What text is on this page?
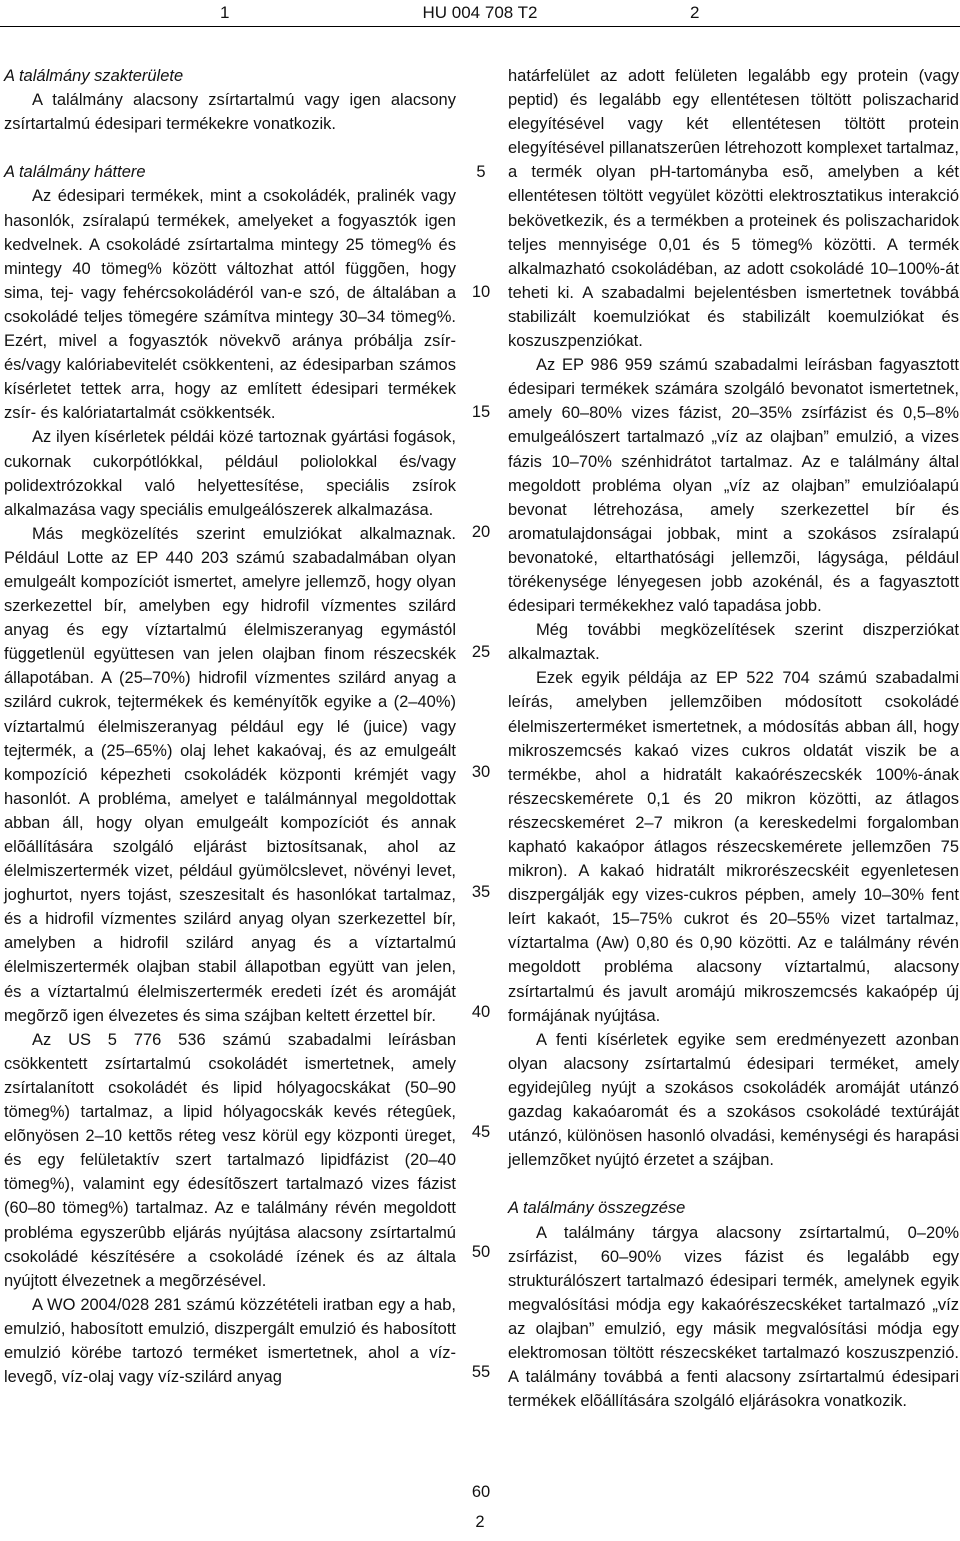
1	HU 004 708 T2	2
A találmány szakterülete

A találmány alacsony zsírtartalmú vagy igen alacsony zsírtartalmú édesipari termékekre vonatkozik.

A találmány háttere

Az édesipari termékek, mint a csokoládék, pralinék vagy hasonlók, zsíralapú termékek, amelyeket a fogyasztók igen kedvelnek. A csokoládé zsírtartalma mintegy 25 tömeg% és mintegy 40 tömeg% között változhat attól függõen, hogy sima, tej- vagy fehércsokoládéról van-e szó, de általában a csokoládé teljes tömegére számítva mintegy 30–34 tömeg%. Ezért, mivel a fogyasztók növekvõ aránya próbálja zsír- és/vagy kalóriabevitelét csökkenteni, az édesiparban számos kísérletet tettek arra, hogy az említett édesipari termékek zsír- és kalóriatartalmát csökkentsék.

Az ilyen kísérletek példái közé tartoznak gyártási fogások, cukornak cukorpótlókkal, például poliolokkal és/vagy polidextrózokkal való helyettesítése, speciális zsírok alkalmazása vagy speciális emulgeálószerek alkalmazása.

Más megközelítés szerint emulziókat alkalmaznak. Például Lotte az EP 440 203 számú szabadalmában olyan emulgeált kompozíciót ismertet, amelyre jellemzõ, hogy olyan szerkezettel bír, amelyben egy hidrofil vízmentes szilárd anyag és egy víztartalmú élelmiszeranyag egymástól függetlenül együttesen van jelen olajban finom részecskék állapotában. A (25–70%) hidrofil vízmentes szilárd anyag a szilárd cukrok, tejtermékek és keményítõk egyike a (2–40%) víztartalmú élelmiszeranyag például egy lé (juice) vagy tejtermék, a (25–65%) olaj lehet kakaóvaj, és az emulgeált kompozíció képezheti csokoládék központi krémjét vagy hasonlót. A probléma, amelyet e találmánnyal megoldottak abban áll, hogy olyan emulgeált kompozíciót és annak elõállítására szolgáló eljárást biztosítsanak, ahol az élelmiszertermék vizet, például gyümölcslevet, növényi levet, joghurtot, nyers tojást, szeszesitalt és hasonlókat tartalmaz, és a hidrofil vízmentes szilárd anyag olyan szerkezettel bír, amelyben a hidrofil szilárd anyag és a víztartalmú élelmiszertermék olajban stabil állapotban együtt van jelen, és a víztartalmú élelmiszertermék eredeti ízét és aromáját megõrzõ igen élvezetes és sima szájban keltett érzettel bír.

Az US 5 776 536 számú szabadalmi leírásban csökkentett zsírtartalmú csokoládét ismertetnek, amely zsírtalanított csokoládét és lipid hólyagocskákat (50–90 tömeg%) tartalmaz, a lipid hólyagocskák kevés rétegûek, elõnyösen 2–10 kettõs réteg vesz körül egy központi üreget, és egy felületaktív szert tartalmazó lipidfázist (20–40 tömeg%), valamint egy édesítõszert tartalmazó vizes fázist (60–80 tömeg%) tartalmaz. Az e találmány révén megoldott probléma egyszerûbb eljárás nyújtása alacsony zsírtartalmú csokoládé készítésére a csokoládé ízének és az általa nyújtott élvezetnek a megõrzésével.

A WO 2004/028 281 számú közzétételi iratban egy a hab, emulzió, habosított emulzió, diszpergált emulzió és habosított emulzió körébe tartozó terméket ismertetnek, ahol a víz-levegõ, víz-olaj vagy víz-szilárd anyag

5
10
15
20
25
30
35
40
45
50
55
60

határfelület az adott felületen legalább egy protein (vagy peptid) és legalább egy ellentétesen töltött poliszacharid elegyítésével vagy két ellentétesen töltött protein elegyítésével pillanatszerûen létrehozott komplexet tartalmaz, a termék olyan pH-tartományba esõ, amelyben a két ellentétesen töltött vegyület közötti elektrosztatikus interakció bekövetkezik, és a termékben a proteinek és poliszacharidok teljes mennyisége 0,01 és 5 tömeg% közötti. A termék alkalmazható csokoládéban, az adott csokoládé 10–100%-át teheti ki. A szabadalmi bejelentésben ismertetnek továbbá stabilizált koemulziókat és stabilizált koemulziókat és koszuszpenziókat.

Az EP 986 959 számú szabadalmi leírásban fagyasztott édesipari termékek számára szolgáló bevonatot ismertetnek, amely 60–80% vizes fázist, 20–35% zsírfázist és 0,5–8% emulgeálószert tartalmazó „víz az olajban” emulzió, a vizes fázis 10–70% szénhidrátot tartalmaz. Az e találmány által megoldott probléma olyan „víz az olajban” emulzióalapú bevonat létrehozása, amely szerkezettel bír és aromatulajdonságai jobbak, mint a szokásos zsíralapú bevonatoké, eltarthatósági jellemzõi, lágysága, például törékenysége lényegesen jobb azokénál, és a fagyasztott édesipari termékekhez való tapadása jobb.

Még további megközelítések szerint diszperziókat alkalmaztak.

Ezek egyik példája az EP 522 704 számú szabadalmi leírás, amelyben jellemzõiben módosított csokoládé élelmiszerterméket ismertetnek, a módosítás abban áll, hogy mikroszemcsés kakaó vizes cukros oldatát viszik be a termékbe, ahol a hidratált kakaórészecskék 100%-ának részecskemérete 0,1 és 20 mikron közötti, az átlagos részecskeméret 2–7 mikron (a kereskedelmi forgalomban kapható kakaópor átlagos részecskemérete jellemzõen 75 mikron). A kakaó hidratált mikrorészecskéit egyenletesen diszpergálják egy vizes-cukros pépben, amely 10–30% fent leírt kakaót, 15–75% cukrot és 20–55% vizet tartalmaz, víztartalma (Aw) 0,80 és 0,90 közötti. Az e találmány révén megoldott probléma alacsony víztartalmú, alacsony zsírtartalmú és javult aromájú mikroszemcsés kakaópép új formájának nyújtása.

A fenti kísérletek egyike sem eredményezett azonban olyan alacsony zsírtartalmú édesipari terméket, amely egyidejûleg nyújt a szokásos csokoládék aromáját utánzó gazdag kakaóaromát és a szokásos csokoládé textúráját utánzó, különösen hasonló olvadási, keménységi és harapási jellemzõket nyújtó érzetet a szájban.

A találmány összegzése

A találmány tárgya alacsony zsírtartalmú, 0–20% zsírfázist, 60–90% vizes fázist és legalább egy strukturálószert tartalmazó édesipari termék, amelynek egyik megvalósítási módja egy kakaórészecskéket tartalmazó „víz az olajban” emulzió, egy másik megvalósítási módja egy elektromosan töltött részecskéket tartalmazó koszuszpenzió. A találmány továbbá a fenti alacsony zsírtartalmú édesipari termékek elõállítására szolgáló eljárásokra vonatkozik.

2
